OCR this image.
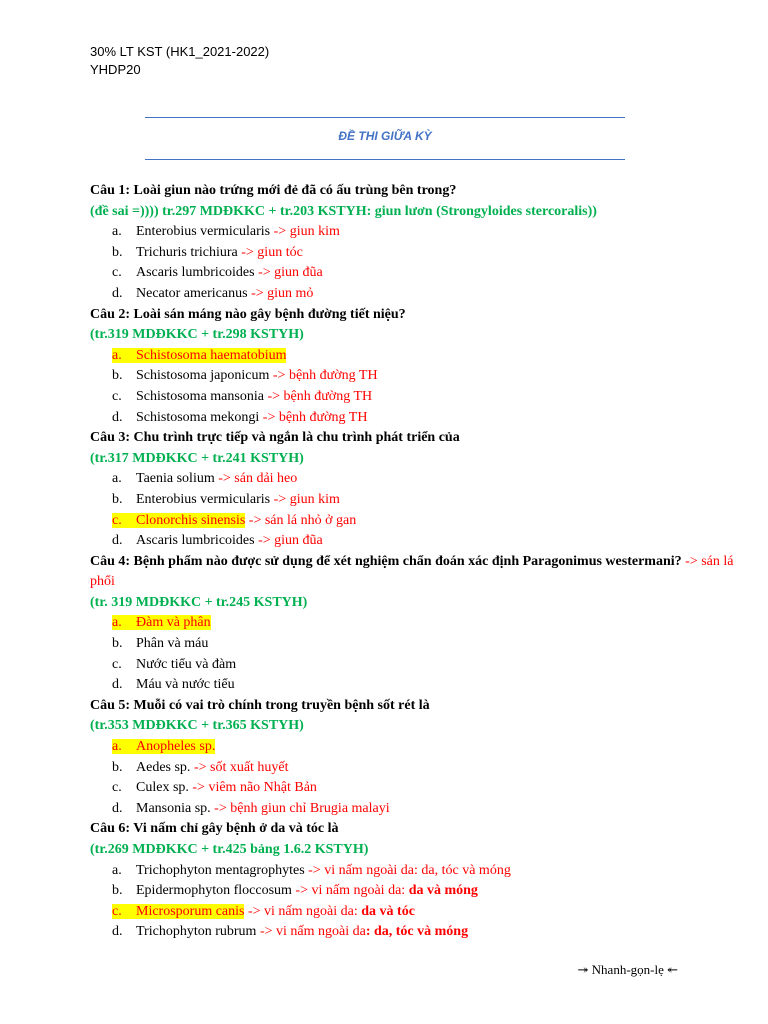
30% LT KST (HK1_2021-2022)
YHDP20
ĐỀ THI GIỮA KỲ
Câu 1: Loài giun nào trứng mới đẻ đã có ấu trùng bên trong?
(đề sai =)))) tr.297 MDĐKKC + tr.203 KSTYH: giun lươn (Strongyloides stercoralis))
a. Enterobius vermicularis -> giun kim
b. Trichuris trichiura -> giun tóc
c. Ascaris lumbricoides -> giun đũa
d. Necator americanus -> giun mỏ
Câu 2: Loài sán máng nào gây bệnh đường tiết niệu?
(tr.319 MDĐKKC + tr.298 KSTYH)
a. Schistosoma haematobium
b. Schistosoma japonicum -> bệnh đường TH
c. Schistosoma mansonia -> bệnh đường TH
d. Schistosoma mekongi -> bệnh đường TH
Câu 3: Chu trình trực tiếp và ngắn là chu trình phát triển của
(tr.317 MDĐKKC + tr.241 KSTYH)
a. Taenia solium -> sán dải heo
b. Enterobius vermicularis -> giun kim
c. Clonorchis sinensis -> sán lá nhỏ ở gan
d. Ascaris lumbricoides -> giun đũa
Câu 4: Bệnh phẩm nào được sử dụng để xét nghiệm chẩn đoán xác định Paragonimus westermani? -> sán lá phổi
(tr. 319 MDĐKKC + tr.245 KSTYH)
a. Đàm và phân
b. Phân và máu
c. Nước tiểu và đàm
d. Máu và nước tiểu
Câu 5: Muỗi có vai trò chính trong truyền bệnh sốt rét là
(tr.353 MDĐKKC + tr.365 KSTYH)
a. Anopheles sp.
b. Aedes sp. -> sốt xuất huyết
c. Culex sp. -> viêm não Nhật Bản
d. Mansonia sp. -> bệnh giun chỉ Brugia malayi
Câu 6: Vi nấm chỉ gây bệnh ở da và tóc là
(tr.269 MDĐKKC + tr.425 bảng 1.6.2 KSTYH)
a. Trichophyton mentagrophytes -> vi nấm ngoài da: da, tóc và móng
b. Epidermophyton floccosum -> vi nấm ngoài da: da và móng
c. Microsporum canis -> vi nấm ngoài da: da và tóc
d. Trichophyton rubrum -> vi nấm ngoài da: da, tóc và móng
↠ Nhanh-gọn-lẹ ↞
